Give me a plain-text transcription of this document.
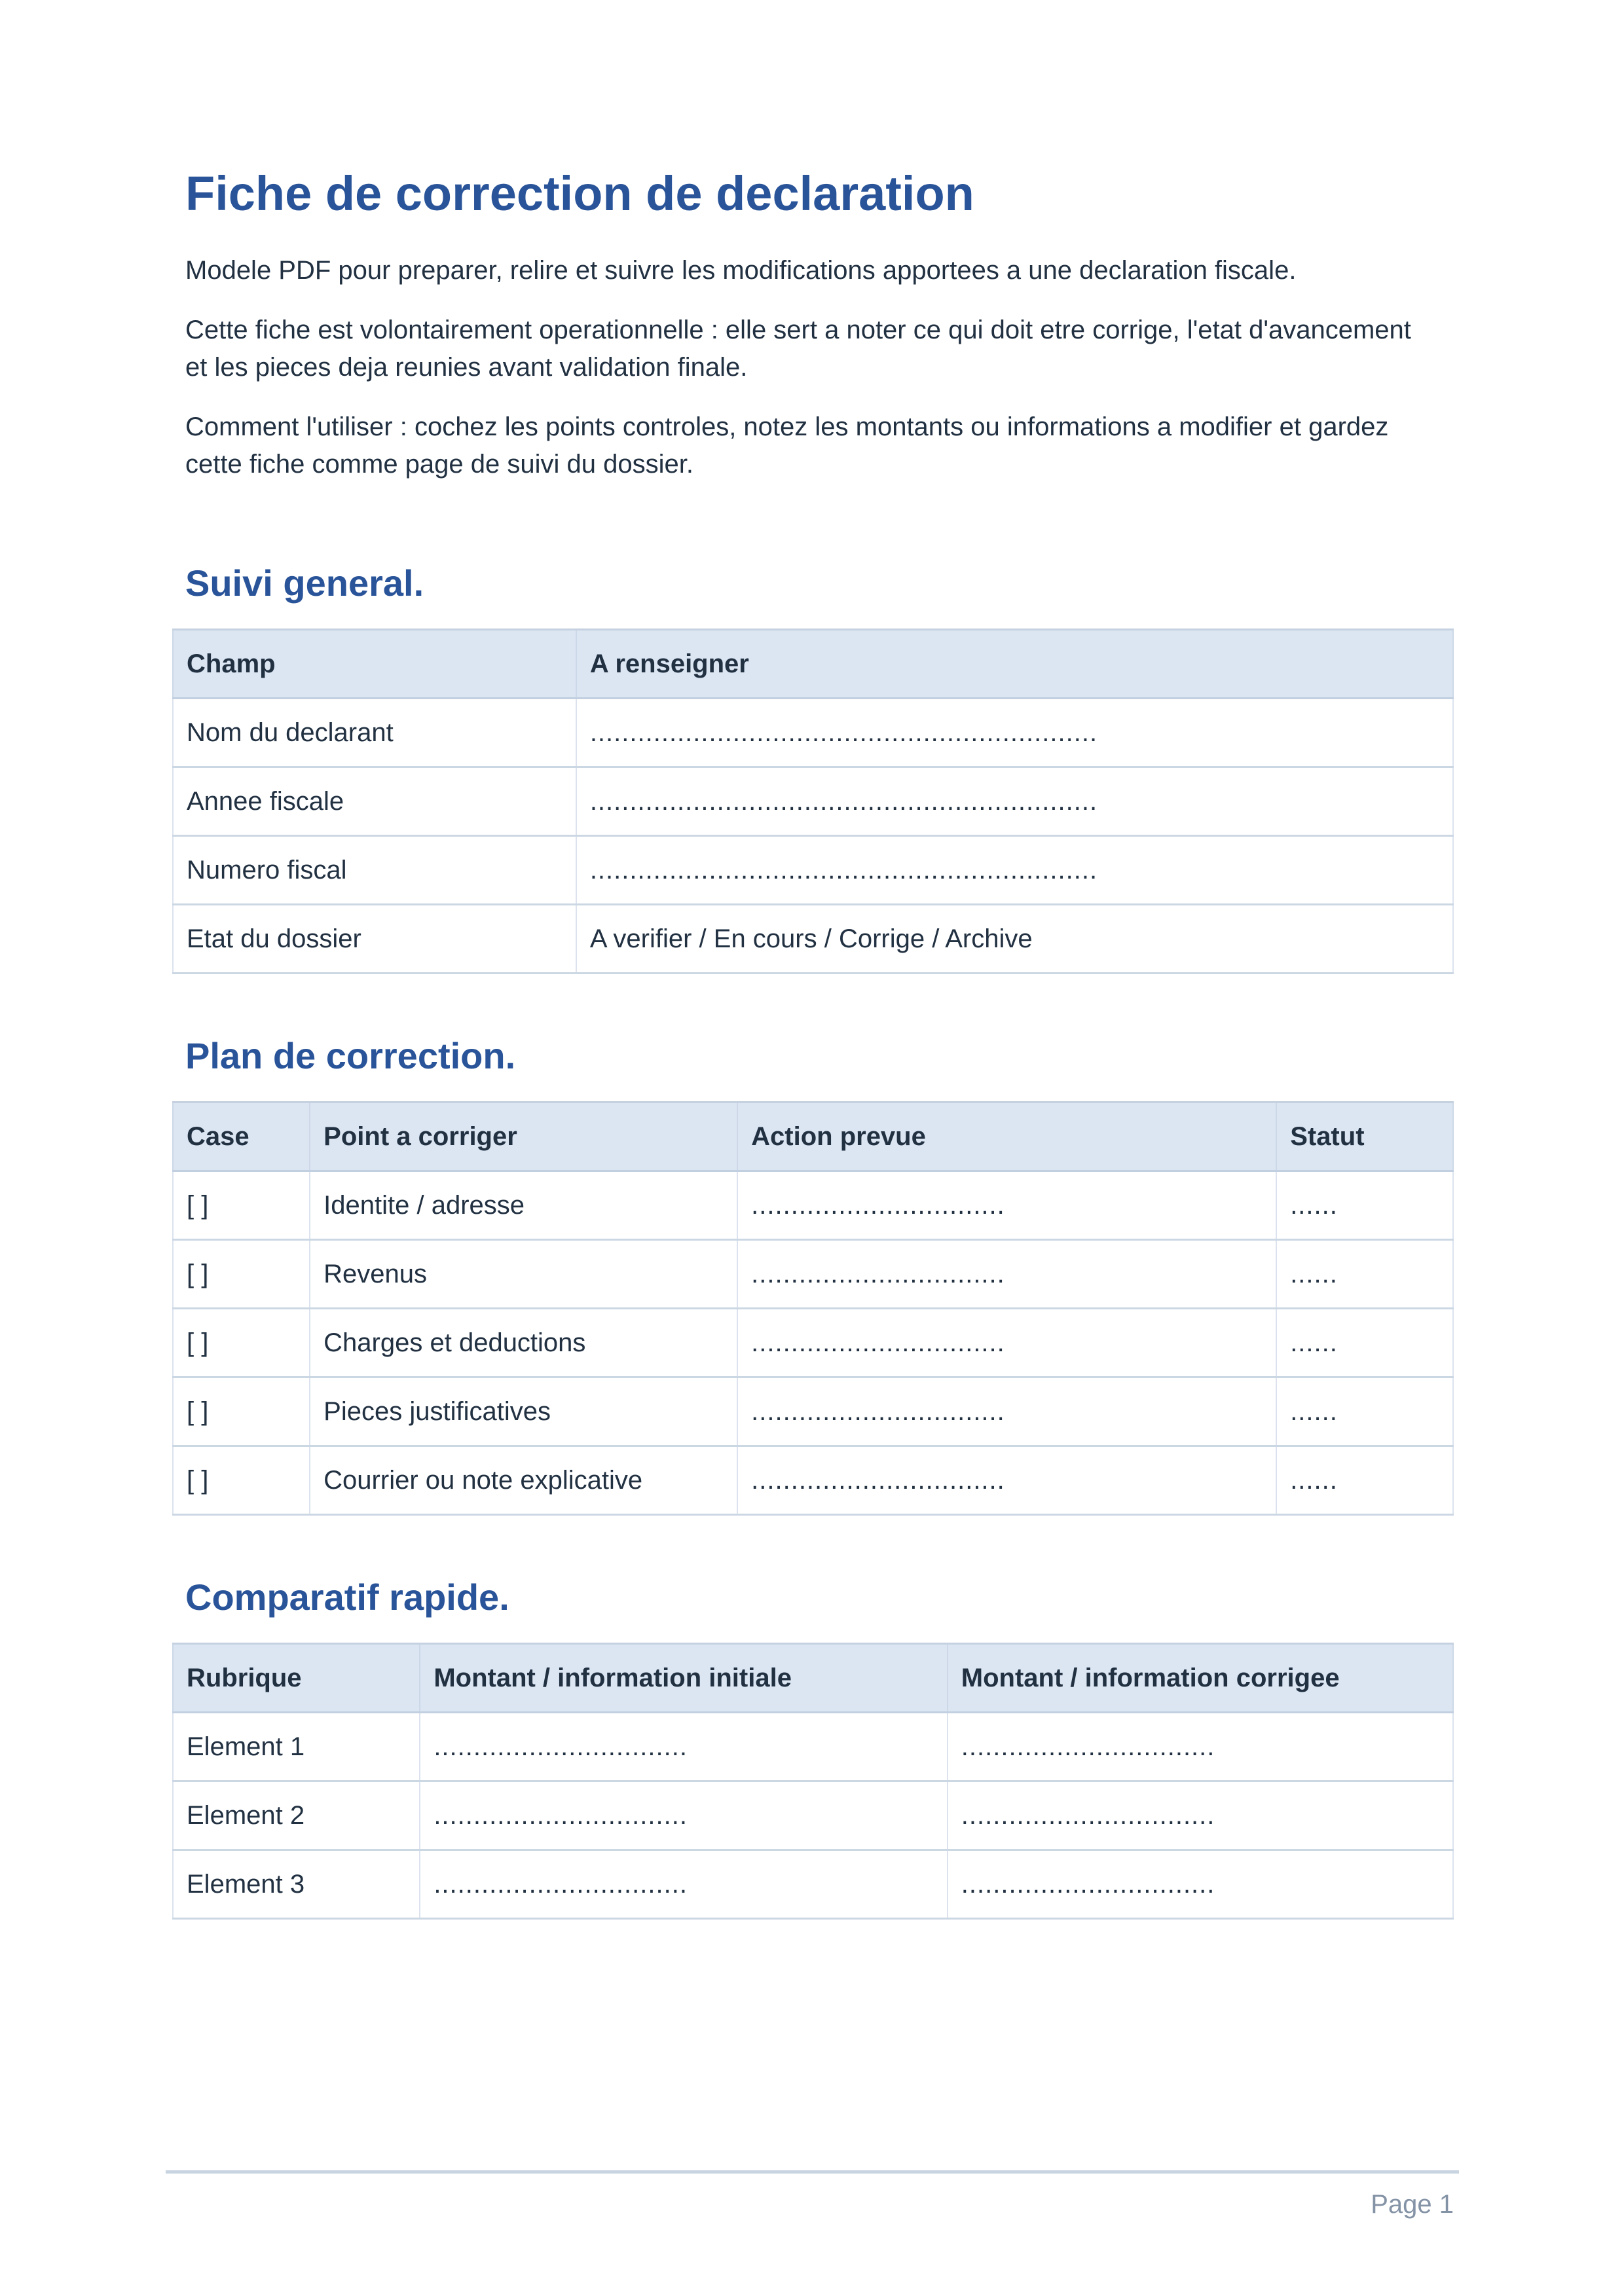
Fiche de correction de declaration

Modele PDF pour preparer, relire et suivre les modifications apportees a une declaration fiscale.

Cette fiche est volontairement operationnelle : elle sert a noter ce qui doit etre corrige, l'etat d'avancement et les pieces deja reunies avant validation finale.

Comment l'utiliser : cochez les points controles, notez les montants ou informations a modifier et gardez cette fiche comme page de suivi du dossier.

Suivi general.
Champ	A renseigner
Nom du declarant	................................................................
Annee fiscale	................................................................
Numero fiscal	................................................................
Etat du dossier	A verifier / En cours / Corrige / Archive
Plan de correction.
Case	Point a corriger	Action prevue	Statut
[ ]	Identite / adresse	................................	......
[ ]	Revenus	................................	......
[ ]	Charges et deductions	................................	......
[ ]	Pieces justificatives	................................	......
[ ]	Courrier ou note explicative	................................	......
Comparatif rapide.
Rubrique	Montant / information initiale	Montant / information corrigee
Element 1	................................	................................
Element 2	................................	................................
Element 3	................................	................................
Page 1
